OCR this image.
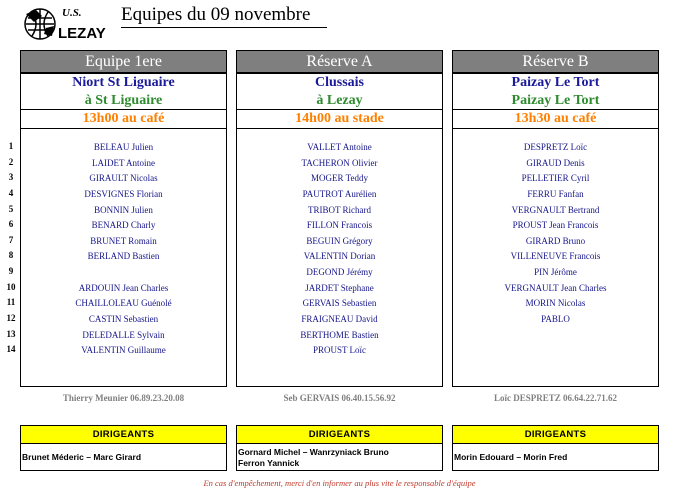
U.S.
LEZAY
Equipes du 09 novembre
1
2
3
4
5
6
7
8
9
10
11
12
13
14
Equipe 1ere
Niort St Liguaire
à St Liguaire
13h00 au café
BELEAU Julien
LAIDET Antoine
GIRAULT Nicolas
DESVIGNES Florian
BONNIN Julien
BENARD Charly
BRUNET Romain
BERLAND Bastien
ARDOUIN Jean Charles
CHAILLOLEAU Guénolé
CASTIN Sebastien
DELEDALLE Sylvain
VALENTIN Guillaume
Réserve A
Clussais
à Lezay
14h00 au stade
VALLET Antoine
TACHERON Olivier
MOGER Teddy
PAUTROT Aurélien
TRIBOT Richard
FILLON Francois
BEGUIN Grégory
VALENTIN Dorian
DEGOND Jérémy
JARDET Stephane
GERVAIS Sebastien
FRAIGNEAU David
BERTHOME Bastien
PROUST Loïc
Réserve B
Paizay Le Tort
Paizay Le Tort
13h30 au café
DESPRETZ Loïc
GIRAUD Denis
PELLETIER Cyril
FERRU Fanfan
VERGNAULT Bertrand
PROUST Jean Francois
GIRARD Bruno
VILLENEUVE Francois
PIN Jérôme
VERGNAULT Jean Charles
MORIN Nicolas
PABLO
Thierry Meunier 06.89.23.20.08	Seb GERVAIS 06.40.15.56.92	Loïc DESPRETZ 06.64.22.71.62
DIRIGEANTS
Brunet Méderic – Marc Girard
DIRIGEANTS
Gornard Michel – Wanrzyniack Bruno
Ferron Yannick
DIRIGEANTS
Morin Edouard – Morin Fred
En cas d'empêchement, merci d'en informer au plus vite le responsable d'équipe
